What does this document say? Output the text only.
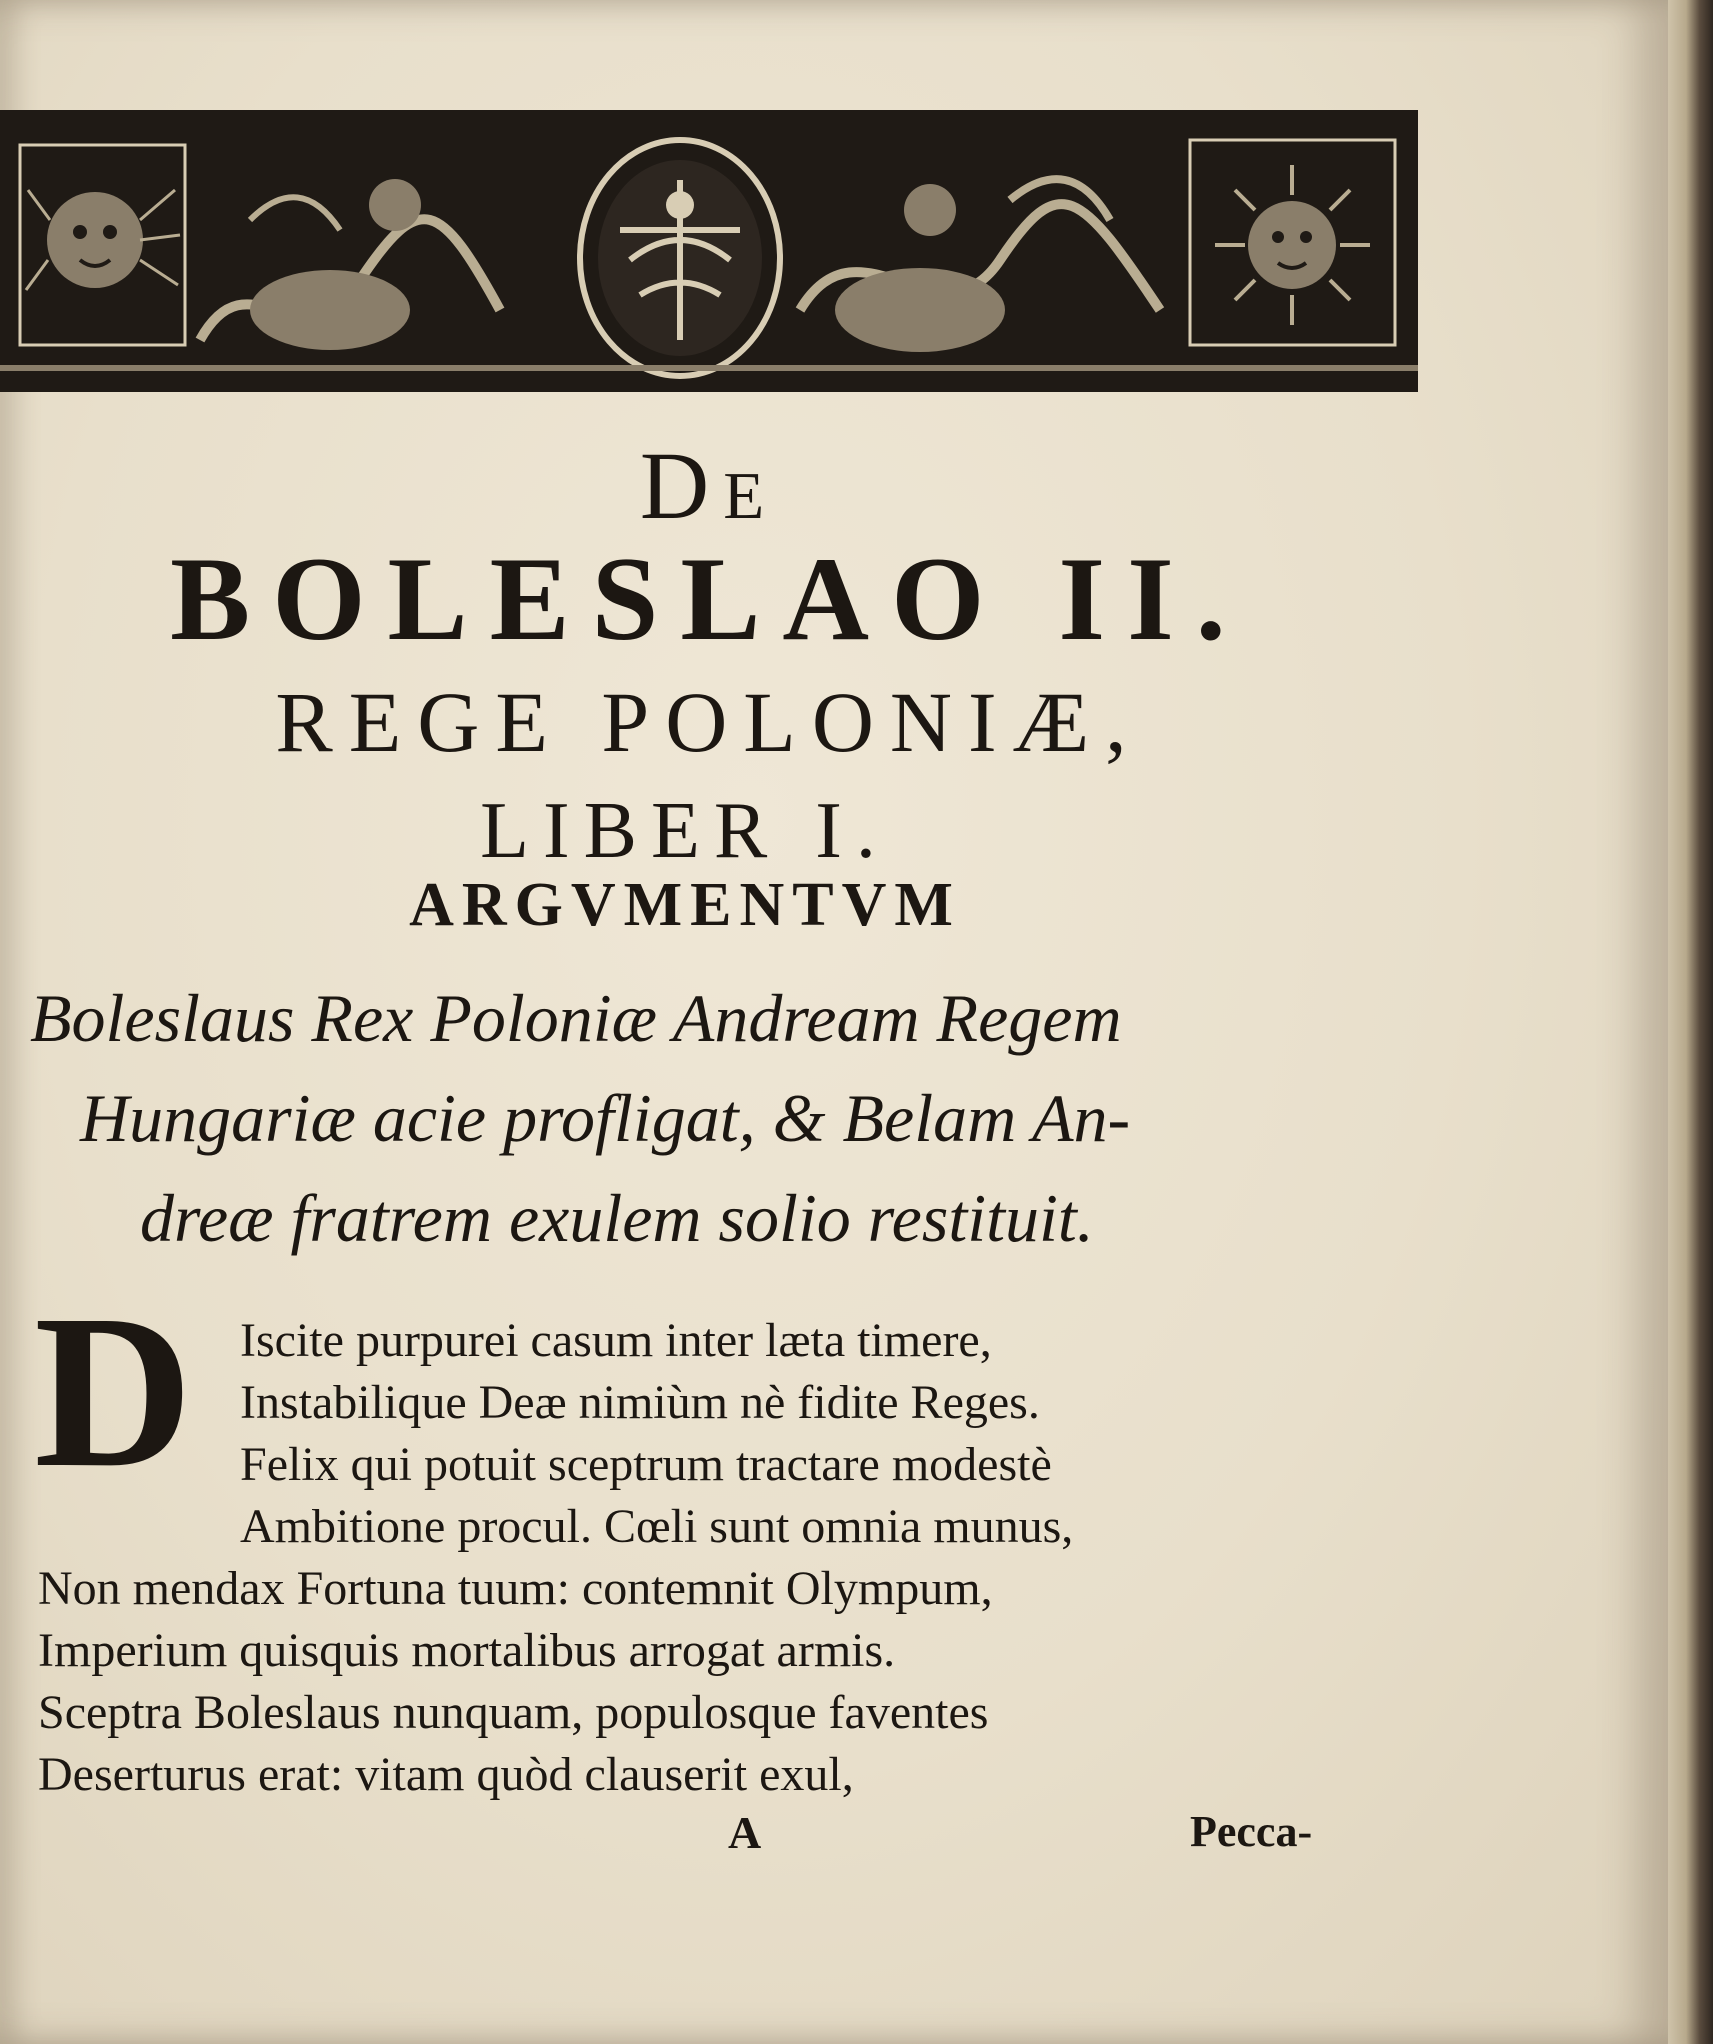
De
BOLESLAO II.
REGE POLONIÆ,
LIBER I.
ARGVMENTVM
Boleslaus Rex Poloniæ Andream Regem
Hungariæ acie profligat, & Belam An-
dreæ fratrem exulem solio restituit.
D Iscite purpurei casum inter læta timere,
Instabilique Deæ nimiùm nè fidite Reges.
Felix qui potuit sceptrum tractare modestè
Ambitione procul. Cœli sunt omnia munus,
Non mendax Fortuna tuum: contemnit Olympum,
Imperium quisquis mortalibus arrogat armis.
Sceptra Boleslaus nunquam, populosque faventes
Deserturus erat: vitam quòd clauserit exul,
A	Pecca-
